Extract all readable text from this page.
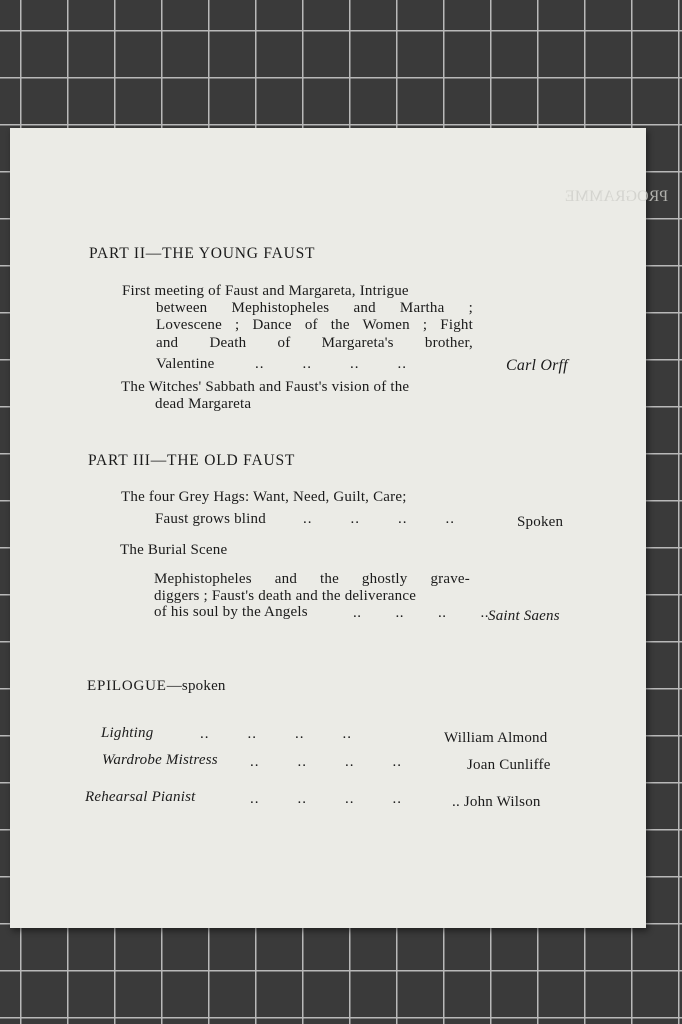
PROGRAMME
PART II—THE YOUNG FAUST
First meeting of Faust and Margareta, Intrigue
between Mephistopheles and Martha ;
Lovescene ; Dance of the Women ; Fight
and Death of Margareta's brother,
Valentine	..        ..        ..        ..	Carl Orff
The Witches' Sabbath and Faust's vision of the
dead Margareta
PART III—THE OLD FAUST
The four Grey Hags: Want, Need, Guilt, Care;
Faust grows blind ..        ..        ..        ..	Spoken
The Burial Scene
Mephistopheles and the ghostly grave-
diggers ; Faust's death and the deliverance
of his soul by the Angels	..        ..        ..        .. Saint Saens
EPILOGUE—spoken
Lighting	..        ..        ..        ..	William Almond
Wardrobe Mistress ..        ..        ..        ..	Joan Cunliffe
Rehearsal Pianist	..        ..        ..        ..	.. John Wilson
